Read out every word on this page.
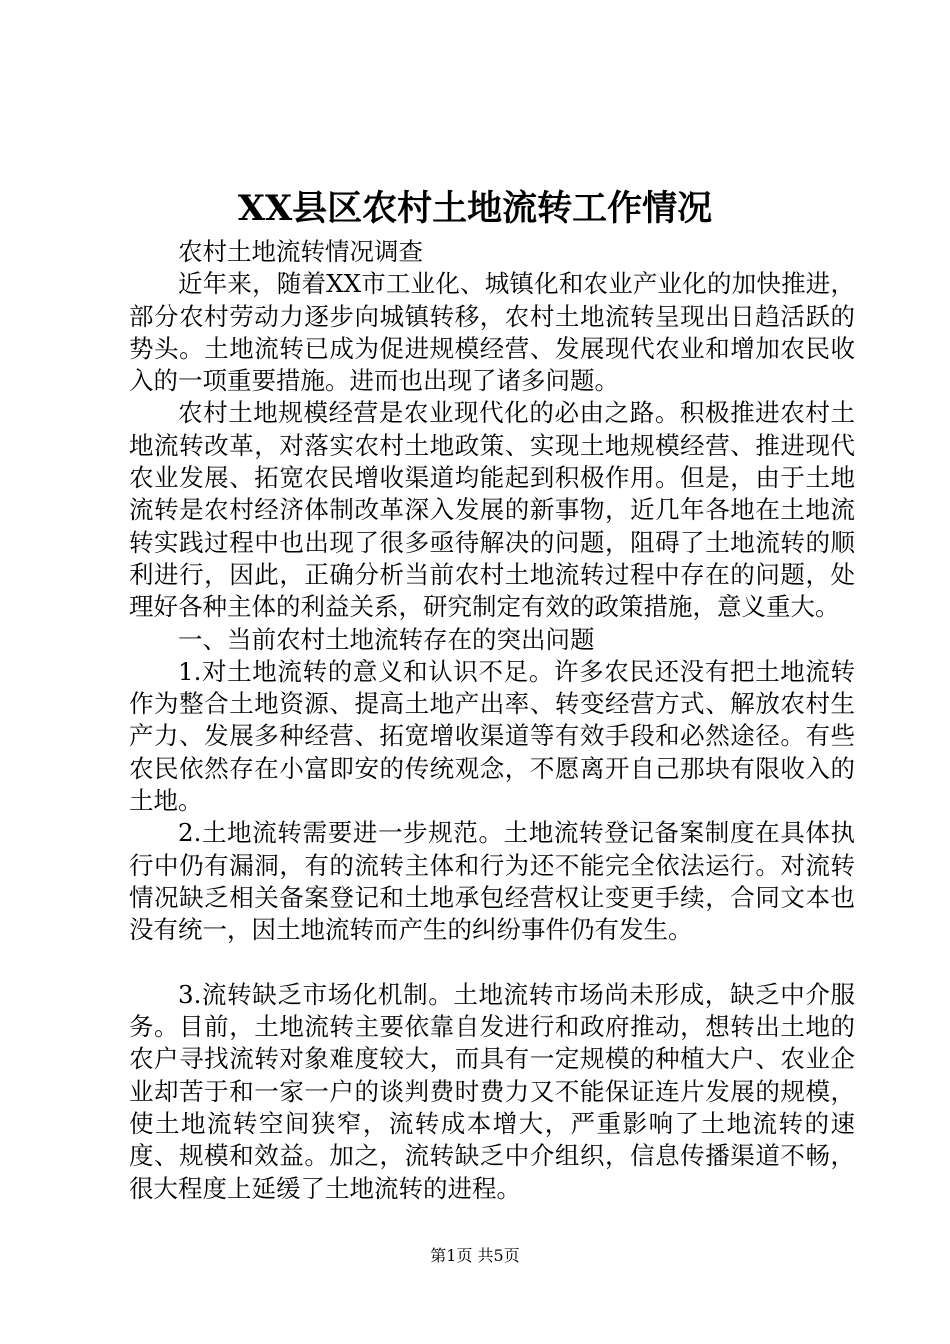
XX县区农村土地流转工作情况

农村土地流转情况调查

近年来，随着XX市工业化、城镇化和农业产业化的加快推进，部分农村劳动力逐步向城镇转移，农村土地流转呈现出日趋活跃的势头。土地流转已成为促进规模经营、发展现代农业和增加农民收入的一项重要措施。进而也出现了诸多问题。

农村土地规模经营是农业现代化的必由之路。积极推进农村土地流转改革，对落实农村土地政策、实现土地规模经营、推进现代农业发展、拓宽农民增收渠道均能起到积极作用。但是，由于土地流转是农村经济体制改革深入发展的新事物，近几年各地在土地流转实践过程中也出现了很多亟待解决的问题，阻碍了土地流转的顺利进行，因此，正确分析当前农村土地流转过程中存在的问题，处理好各种主体的利益关系，研究制定有效的政策措施，意义重大。

一、当前农村土地流转存在的突出问题

1.对土地流转的意义和认识不足。许多农民还没有把土地流转作为整合土地资源、提高土地产出率、转变经营方式、解放农村生产力、发展多种经营、拓宽增收渠道等有效手段和必然途径。有些农民依然存在小富即安的传统观念，不愿离开自己那块有限收入的土地。

2.土地流转需要进一步规范。土地流转登记备案制度在具体执行中仍有漏洞，有的流转主体和行为还不能完全依法运行。对流转情况缺乏相关备案登记和土地承包经营权让变更手续，合同文本也没有统一，因土地流转而产生的纠纷事件仍有发生。

3.流转缺乏市场化机制。土地流转市场尚未形成，缺乏中介服务。目前，土地流转主要依靠自发进行和政府推动，想转出土地的农户寻找流转对象难度较大，而具有一定规模的种植大户、农业企业却苦于和一家一户的谈判费时费力又不能保证连片发展的规模，使土地流转空间狭窄，流转成本增大，严重影响了土地流转的速度、规模和效益。加之，流转缺乏中介组织，信息传播渠道不畅，很大程度上延缓了土地流转的进程。

第1页 共5页
